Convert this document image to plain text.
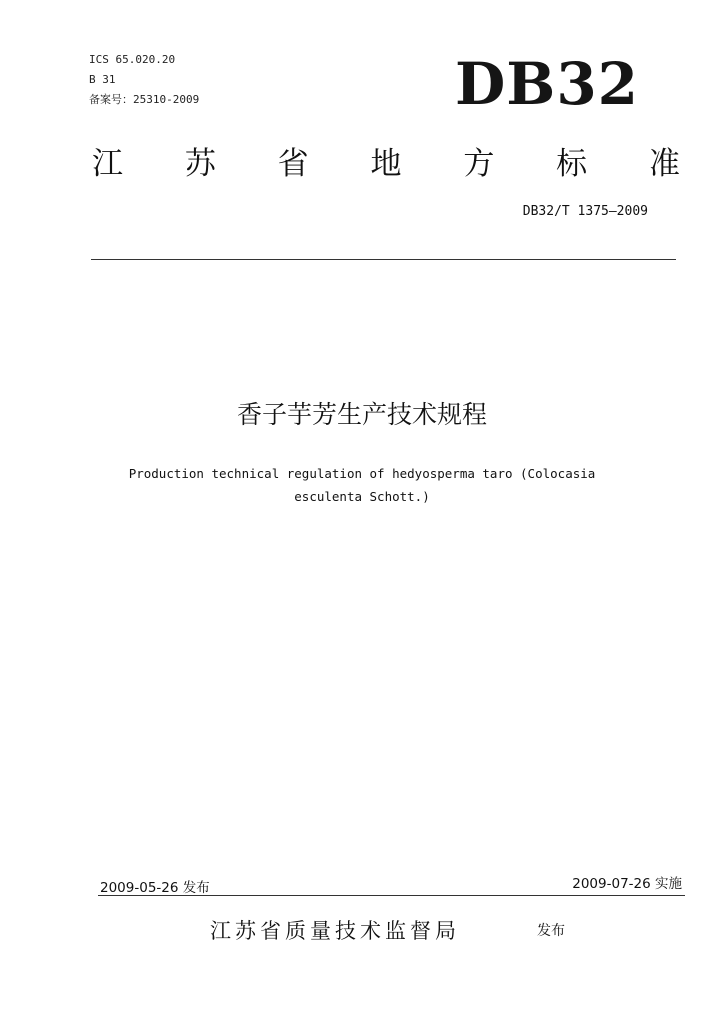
ICS 65.020.20
B 31
备案号：25310-2009	DB32
江 苏 省 地 方 标 准
DB32/T 1375—2009
香子芋芳生产技术规程
Production technical regulation of hedyosperma taro (Colocasia
esculenta Schott.)
2009-05-26 发布	2009-07-26 实施
江苏省质量技术监督局	发布
